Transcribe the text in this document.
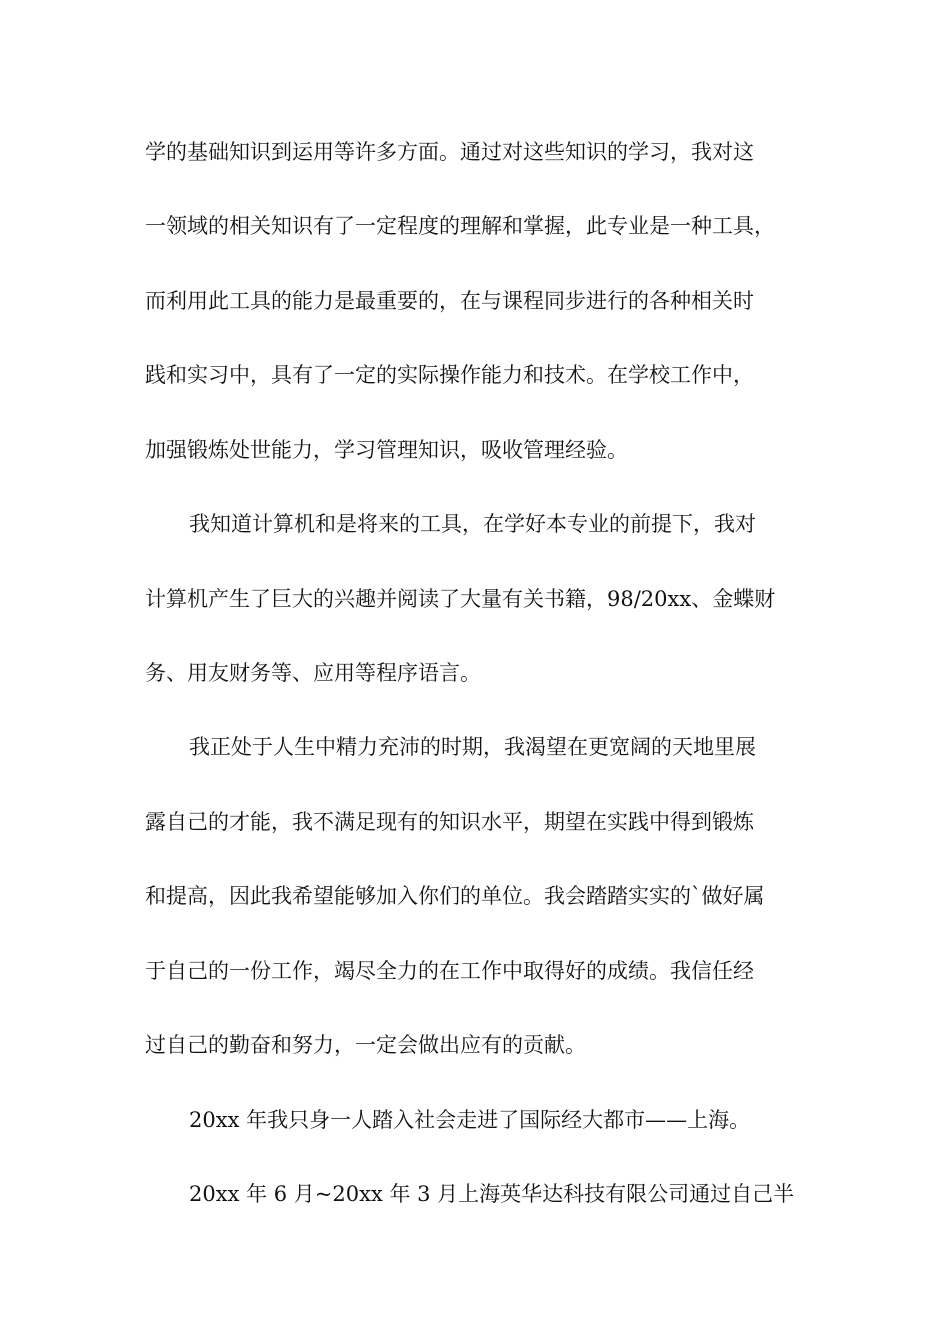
学的基础知识到运用等许多方面。通过对这些知识的学习，我对这
一领域的相关知识有了一定程度的理解和掌握，此专业是一种工具，
而利用此工具的能力是最重要的，在与课程同步进行的各种相关时
践和实习中，具有了一定的实际操作能力和技术。在学校工作中，
加强锻炼处世能力，学习管理知识，吸收管理经验。
我知道计算机和是将来的工具，在学好本专业的前提下，我对
计算机产生了巨大的兴趣并阅读了大量有关书籍，98/20xx、金蝶财
务、用友财务等、应用等程序语言。
我正处于人生中精力充沛的时期，我渴望在更宽阔的天地里展
露自己的才能，我不满足现有的知识水平，期望在实践中得到锻炼
和提高，因此我希望能够加入你们的单位。我会踏踏实实的`做好属
于自己的一份工作，竭尽全力的在工作中取得好的成绩。我信任经
过自己的勤奋和努力，一定会做出应有的贡献。
20xx 年我只身一人踏入社会走进了国际经大都市——上海。
20xx 年 6 月~20xx 年 3 月上海英华达科技有限公司通过自己半
